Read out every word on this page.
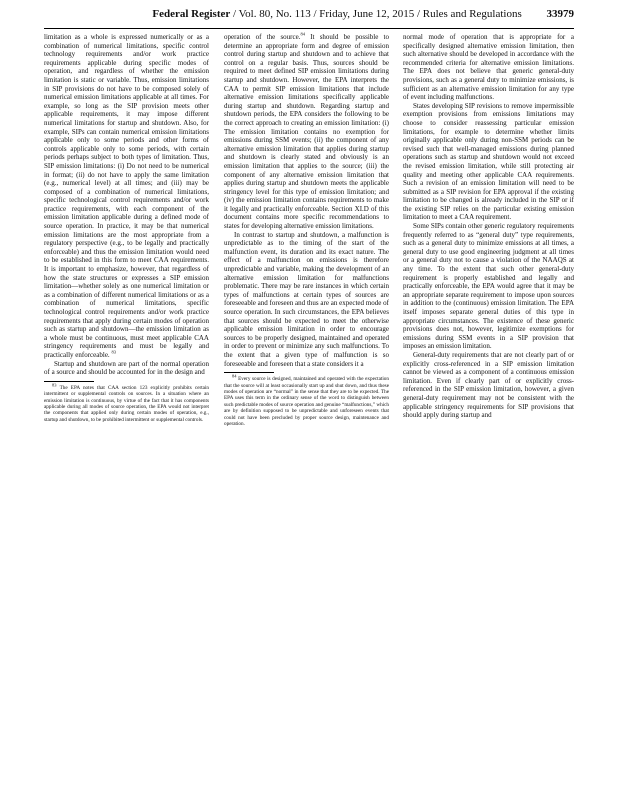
Federal Register / Vol. 80, No. 113 / Friday, June 12, 2015 / Rules and Regulations 33979

limitation as a whole is expressed numerically or as a combination of numerical limitations, specific control technology requirements and/or work practice requirements applicable during specific modes of operation, and regardless of whether the emission limitation is static or variable. Thus, emission limitations in SIP provisions do not have to be composed solely of numerical emission limitations applicable at all times. For example, so long as the SIP provision meets other applicable requirements, it may impose different numerical limitations for startup and shutdown. Also, for example, SIPs can contain numerical emission limitations applicable only to some periods and other forms of controls applicable only to some periods, with certain periods perhaps subject to both types of limitation. Thus, SIP emission limitations: (i) Do not need to be numerical in format; (ii) do not have to apply the same limitation (e.g., numerical level) at all times; and (iii) may be composed of a combination of numerical limitations, specific technological control requirements and/or work practice requirements, with each component of the emission limitation applicable during a defined mode of source operation. In practice, it may be that numerical emission limitations are the most appropriate from a regulatory perspective (e.g., to be legally and practically enforceable) and thus the emission limitation would need to be established in this form to meet CAA requirements. It is important to emphasize, however, that regardless of how the state structures or expresses a SIP emission limitation—whether solely as one numerical limitation or as a combination of different numerical limitations or as a combination of numerical limitations, specific technological control requirements and/or work practice requirements that apply during certain modes of operation such as startup and shutdown—the emission limitation as a whole must be continuous, must meet applicable CAA stringency requirements and must be legally and practically enforceable. $^{83}$

Startup and shutdown are part of the normal operation of a source and should be accounted for in the design and

$^{83}$ The EPA notes that CAA section 123 explicitly prohibits certain intermittent or supplemental controls on sources. In a situation where an emission limitation is continuous, by virtue of the fact that it has components applicable during all modes of source operation, the EPA would not interpret the components that applied only during certain modes of operation, e.g., startup and shutdown, to be prohibited intermittent or supplemental controls.

operation of the source.$^{84}$ It should be possible to determine an appropriate form and degree of emission control during startup and shutdown and to achieve that control on a regular basis. Thus, sources should be required to meet defined SIP emission limitations during startup and shutdown. However, the EPA interprets the CAA to permit SIP emission limitations that include alternative emission limitations specifically applicable during startup and shutdown. Regarding startup and shutdown periods, the EPA considers the following to be the correct approach to creating an emission limitation: (i) The emission limitation contains no exemption for emissions during SSM events; (ii) the component of any alternative emission limitation that applies during startup and shutdown is clearly stated and obviously is an emission limitation that applies to the source; (iii) the component of any alternative emission limitation that applies during startup and shutdown meets the applicable stringency level for this type of emission limitation; and (iv) the emission limitation contains requirements to make it legally and practically enforceable. Section XI.D of this document contains more specific recommendations to states for developing alternative emission limitations.

In contrast to startup and shutdown, a malfunction is unpredictable as to the timing of the start of the malfunction event, its duration and its exact nature. The effect of a malfunction on emissions is therefore unpredictable and variable, making the development of an alternative emission limitation for malfunctions problematic. There may be rare instances in which certain types of malfunctions at certain types of sources are foreseeable and foreseen and thus are an expected mode of source operation. In such circumstances, the EPA believes that sources should be expected to meet the otherwise applicable emission limitation in order to encourage sources to be properly designed, maintained and operated in order to prevent or minimize any such malfunctions. To the extent that a given type of malfunction is so foreseeable and foreseen that a state considers it a

$^{84}$ Every source is designed, maintained and operated with the expectation that the source will at least occasionally start up and shut down, and thus these modes of operation are “normal” in the sense that they are to be expected. The EPA uses this term in the ordinary sense of the word to distinguish between such predictable modes of source operation and genuine “malfunctions,” which are by definition supposed to be unpredictable and unforeseen events that could not have been precluded by proper source design, maintenance and operation.

normal mode of operation that is appropriate for a specifically designed alternative emission limitation, then such alternative should be developed in accordance with the recommended criteria for alternative emission limitations. The EPA does not believe that generic general-duty provisions, such as a general duty to minimize emissions, is sufficient as an alternative emission limitation for any type of event including malfunctions.

States developing SIP revisions to remove impermissible exemption provisions from emissions limitations may choose to consider reassessing particular emission limitations, for example to determine whether limits originally applicable only during non-SSM periods can be revised such that well-managed emissions during planned operations such as startup and shutdown would not exceed the revised emission limitation, while still protecting air quality and meeting other applicable CAA requirements. Such a revision of an emission limitation will need to be submitted as a SIP revision for EPA approval if the existing limitation to be changed is already included in the SIP or if the existing SIP relies on the particular existing emission limitation to meet a CAA requirement.

Some SIPs contain other generic regulatory requirements frequently referred to as “general duty” type requirements, such as a general duty to minimize emissions at all times, a general duty to use good engineering judgment at all times or a general duty not to cause a violation of the NAAQS at any time. To the extent that such other general-duty requirement is properly established and legally and practically enforceable, the EPA would agree that it may be an appropriate separate requirement to impose upon sources in addition to the (continuous) emission limitation. The EPA itself imposes separate general duties of this type in appropriate circumstances. The existence of these generic provisions does not, however, legitimize exemptions for emissions during SSM events in a SIP provision that imposes an emission limitation.

General-duty requirements that are not clearly part of or explicitly cross-referenced in a SIP emission limitation cannot be viewed as a component of a continuous emission limitation. Even if clearly part of or explicitly cross-referenced in the SIP emission limitation, however, a given general-duty requirement may not be consistent with the applicable stringency requirements for SIP provisions that should apply during startup and
